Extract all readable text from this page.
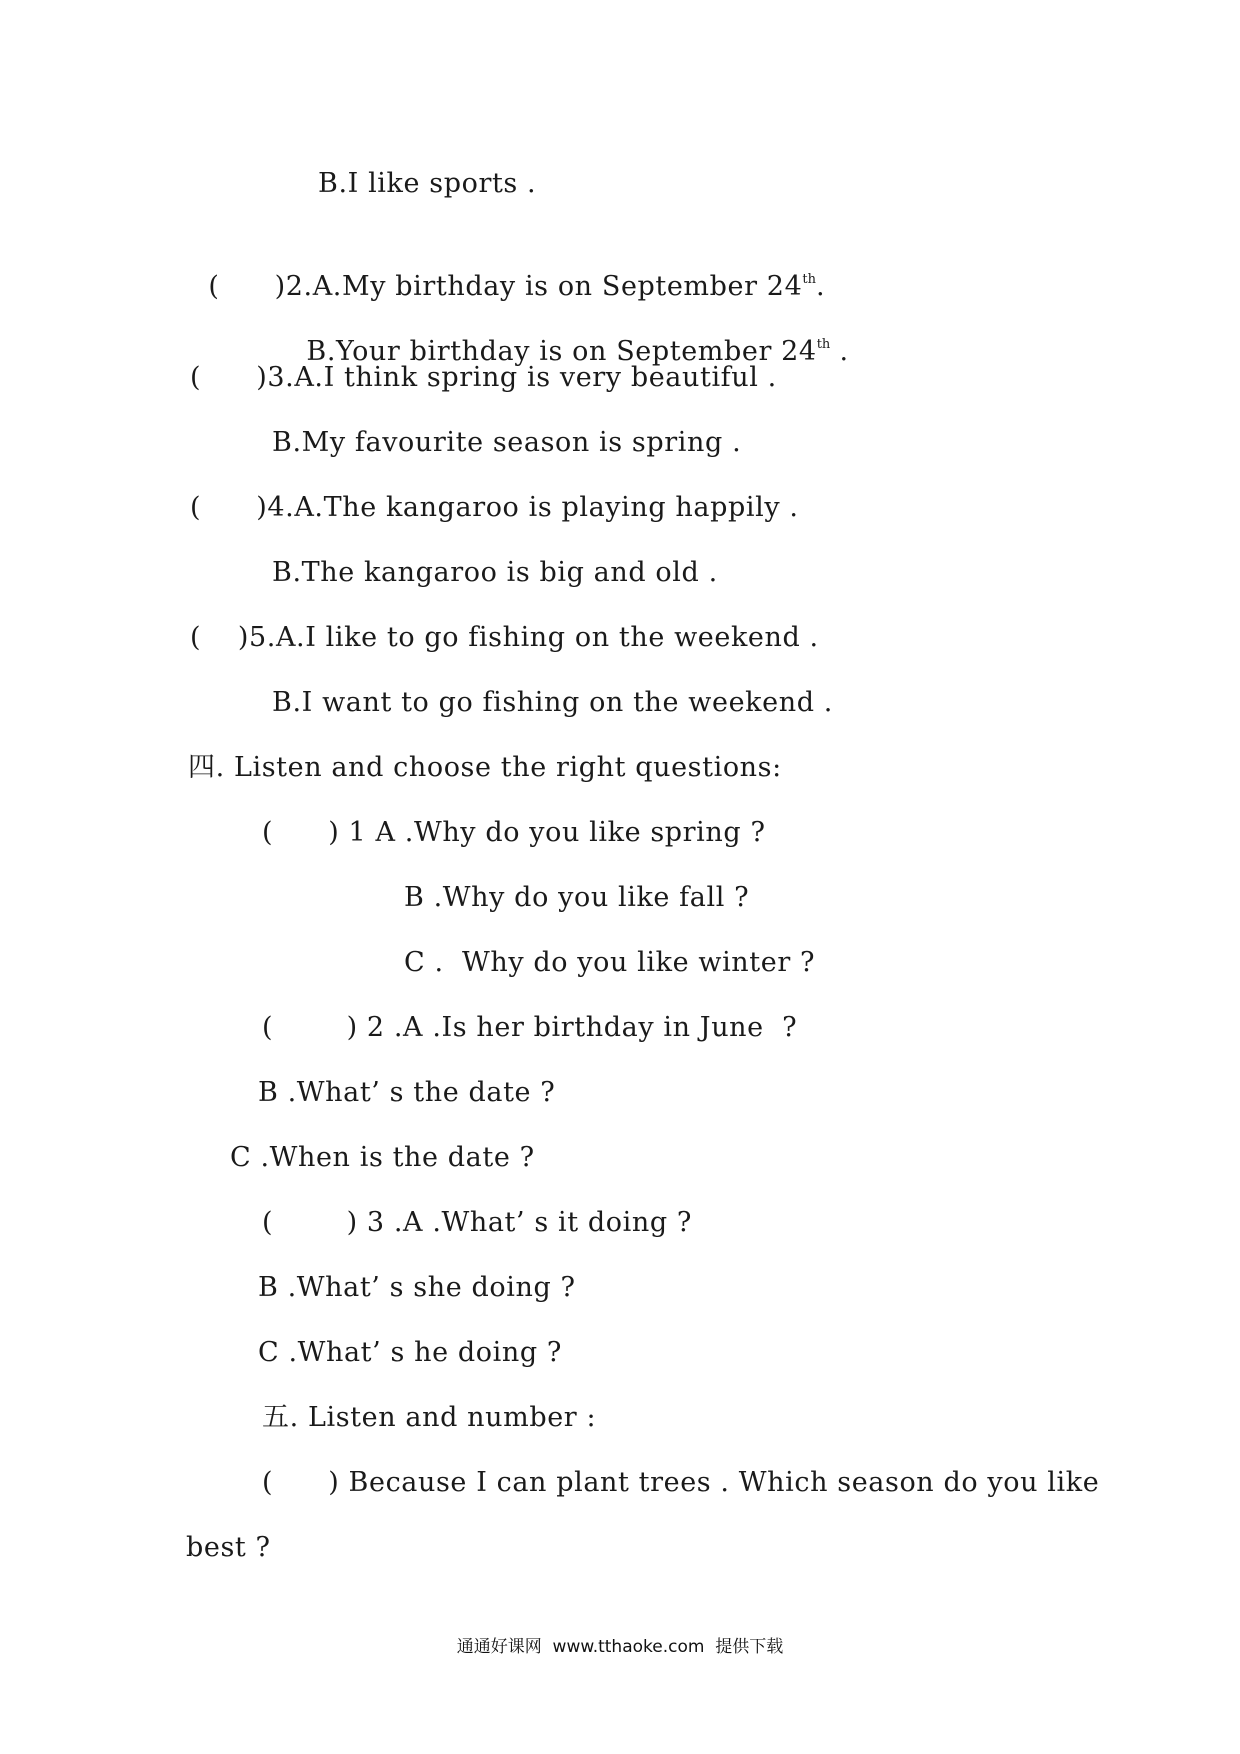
B.I like sports .

(      )2.A.My birthday is on September 24th.

B.Your birthday is on September 24th .

(      )3.A.I think spring is very beautiful .
B.My favourite season is spring .
(      )4.A.The kangaroo is playing happily .
B.The kangaroo is big and old .
(    )5.A.I like to go fishing on the weekend .
B.I want to go fishing on the weekend .
四. Listen and choose the right questions:
(      ) 1 A .Why do you like spring ?
B .Why do you like fall ?
C .  Why do you like winter ?
(        ) 2 .A .Is her birthday in June  ?
B .What’ s the date ?
C .When is the date ?
(        ) 3 .A .What’ s it doing ?
B .What’ s she doing ?
C .What’ s he doing ?
五. Listen and number :
(      ) Because I can plant trees . Which season do you like
best ?
通通好课网  www.tthaoke.com  提供下载
